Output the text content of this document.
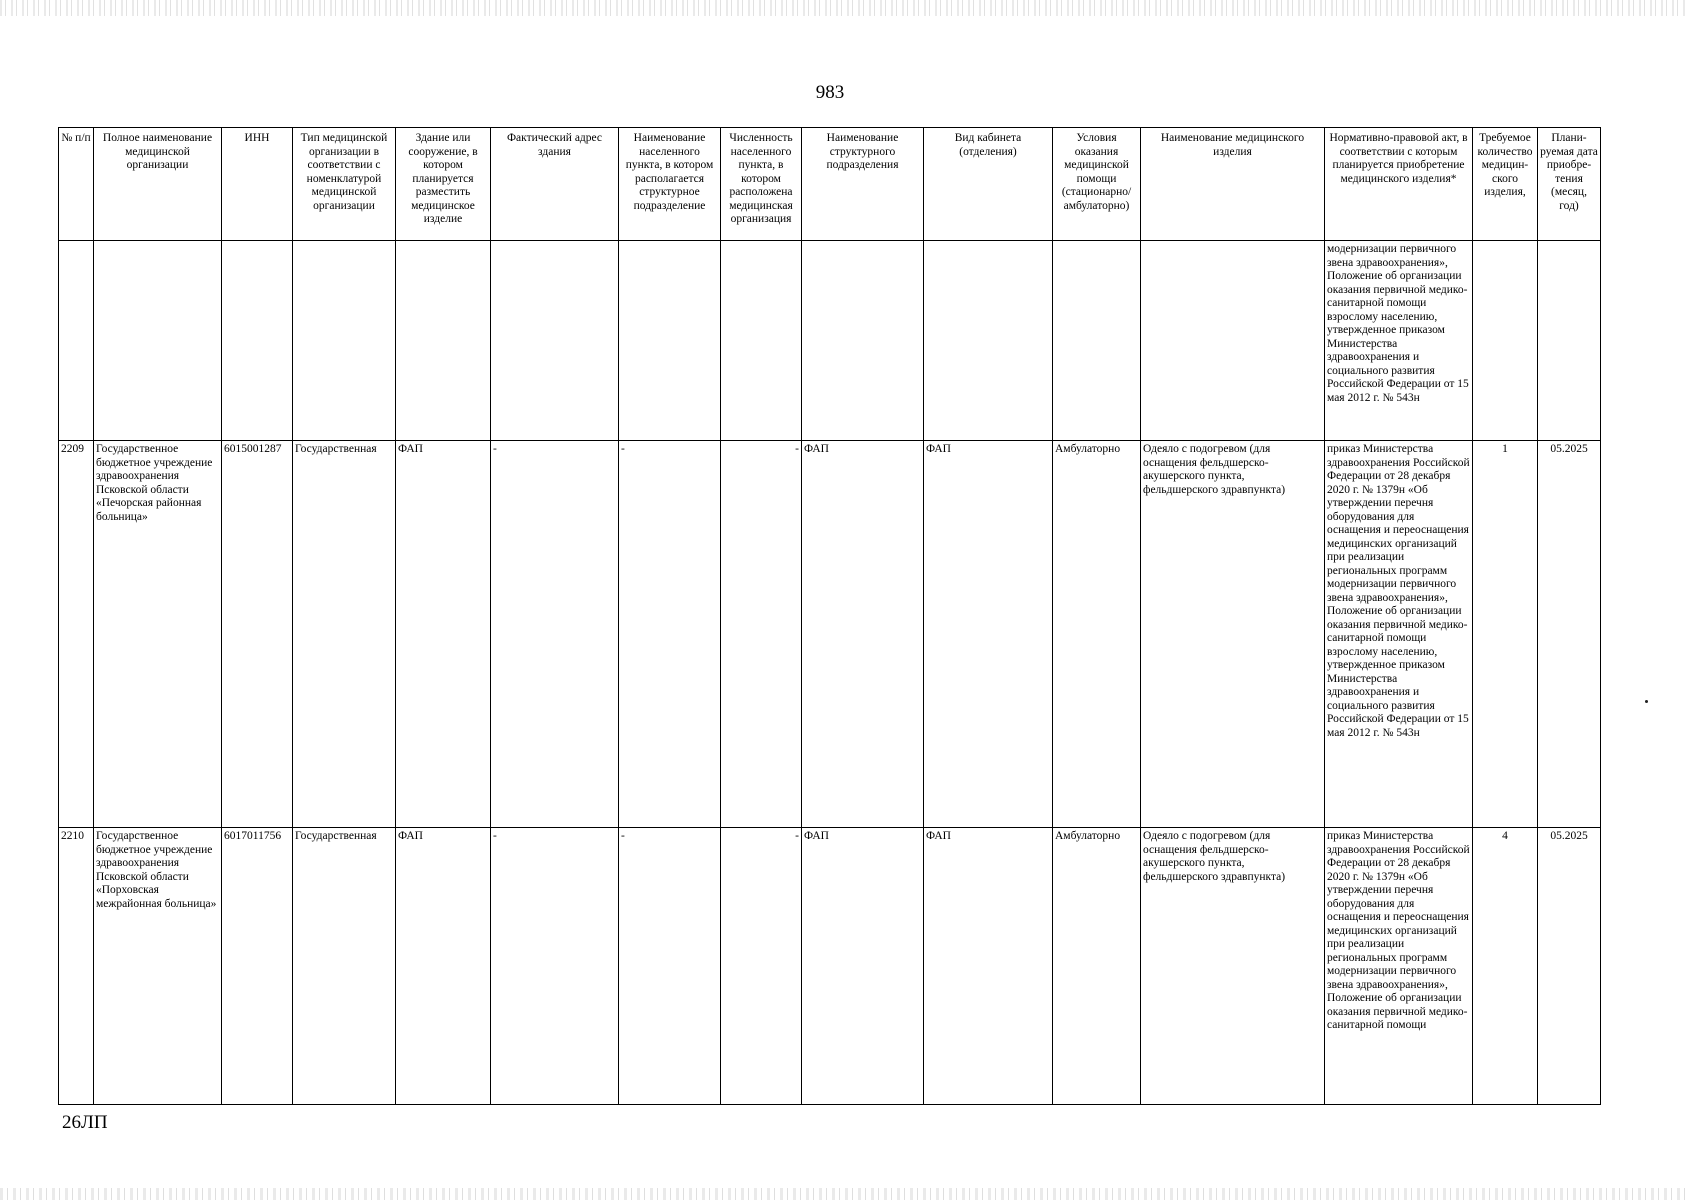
983
№ п/п	Полное наименование медицинской организации	ИНН	Тип медицинской организации в соответствии с номенклатурой медицинской организации	Здание или сооружение, в котором планируется разместить медицинское изделие	Фактический адрес здания	Наименование населенного пункта, в котором располагается структурное подразделение	Численность населенного пункта, в котором расположена медицинская организация	Наименование структурного подразделения	Вид кабинета (отделения)	Условия оказания медицинской помощи (стационарно/ амбулаторно)	Наименование медицинского изделия	Нормативно-правовой акт, в соответствии с которым планируется приобретение медицинского изделия*	Требуемое количество медицин-ского изделия,	Плани-руемая дата приобре-тения (месяц, год)
												модернизации первичного звена здравоохранения», Положение об организации оказания первичной медико-санитарной помощи взрослому населению, утвержденное приказом Министерства здравоохранения и социального развития Российской Федерации от 15 мая 2012 г. № 543н		
2209	Государственное бюджетное учреждение здравоохранения Псковской области «Печорская районная больница»	6015001287	Государственная	ФАП	-	-	-	ФАП	ФАП	Амбулаторно	Одеяло с подогревом (для оснащения фельдшерско-акушерского пункта, фельдшерского здравпункта)	приказ Министерства здравоохранения Российской Федерации от 28 декабря 2020 г. № 1379н «Об утверждении перечня оборудования для оснащения и переоснащения медицинских организаций при реализации региональных программ модернизации первичного звена здравоохранения», Положение об организации оказания первичной медико-санитарной помощи взрослому населению, утвержденное приказом Министерства здравоохранения и социального развития Российской Федерации от 15 мая 2012 г. № 543н	1	05.2025
2210	Государственное бюджетное учреждение здравоохранения Псковской области «Порховская межрайонная больница»	6017011756	Государственная	ФАП	-	-	-	ФАП	ФАП	Амбулаторно	Одеяло с подогревом (для оснащения фельдшерско-акушерского пункта, фельдшерского здравпункта)	приказ Министерства здравоохранения Российской Федерации от 28 декабря 2020 г. № 1379н «Об утверждении перечня оборудования для оснащения и переоснащения медицинских организаций при реализации региональных программ модернизации первичного звена здравоохранения», Положение об организации оказания первичной медико-санитарной помощи	4	05.2025
26ЛП
